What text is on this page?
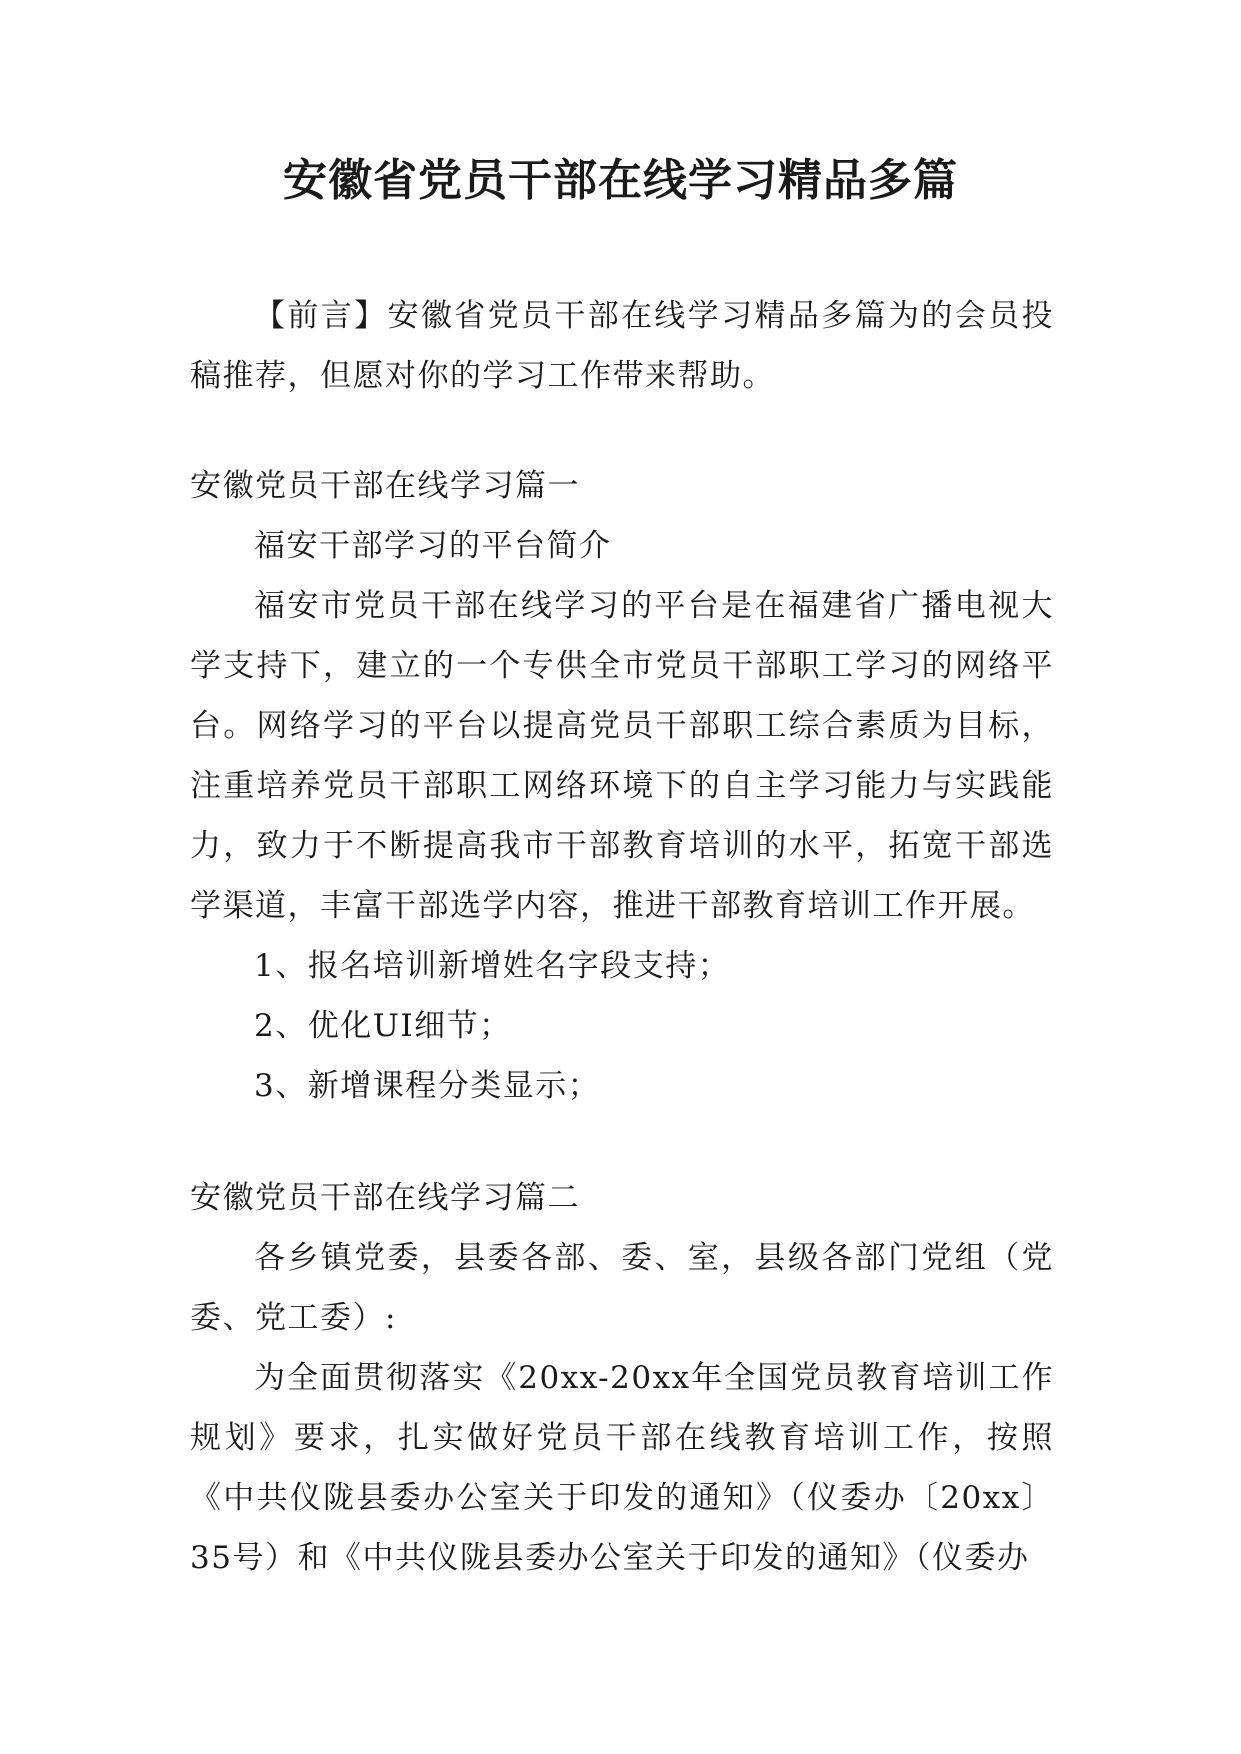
安徽省党员干部在线学习精品多篇

【前言】安徽省党员干部在线学习精品多篇为的会员投稿推荐，但愿对你的学习工作带来帮助。

安徽党员干部在线学习篇一

福安干部学习的平台简介

福安市党员干部在线学习的平台是在福建省广播电视大学支持下，建立的一个专供全市党员干部职工学习的网络平台。网络学习的平台以提高党员干部职工综合素质为目标，注重培养党员干部职工网络环境下的自主学习能力与实践能力，致力于不断提高我市干部教育培训的水平，拓宽干部选学渠道，丰富干部选学内容，推进干部教育培训工作开展。

1、报名培训新增姓名字段支持；

2、优化UI细节；

3、新增课程分类显示；

安徽党员干部在线学习篇二

各乡镇党委，县委各部、委、室，县级各部门党组（党委、党工委）:

为全面贯彻落实《20xx-20xx年全国党员教育培训工作规划》要求，扎实做好党员干部在线教育培训工作，按照《中共仪陇县委办公室关于印发的通知》（仪委办〔20xx〕35号）和《中共仪陇县委办公室关于印发的通知》（仪委办
